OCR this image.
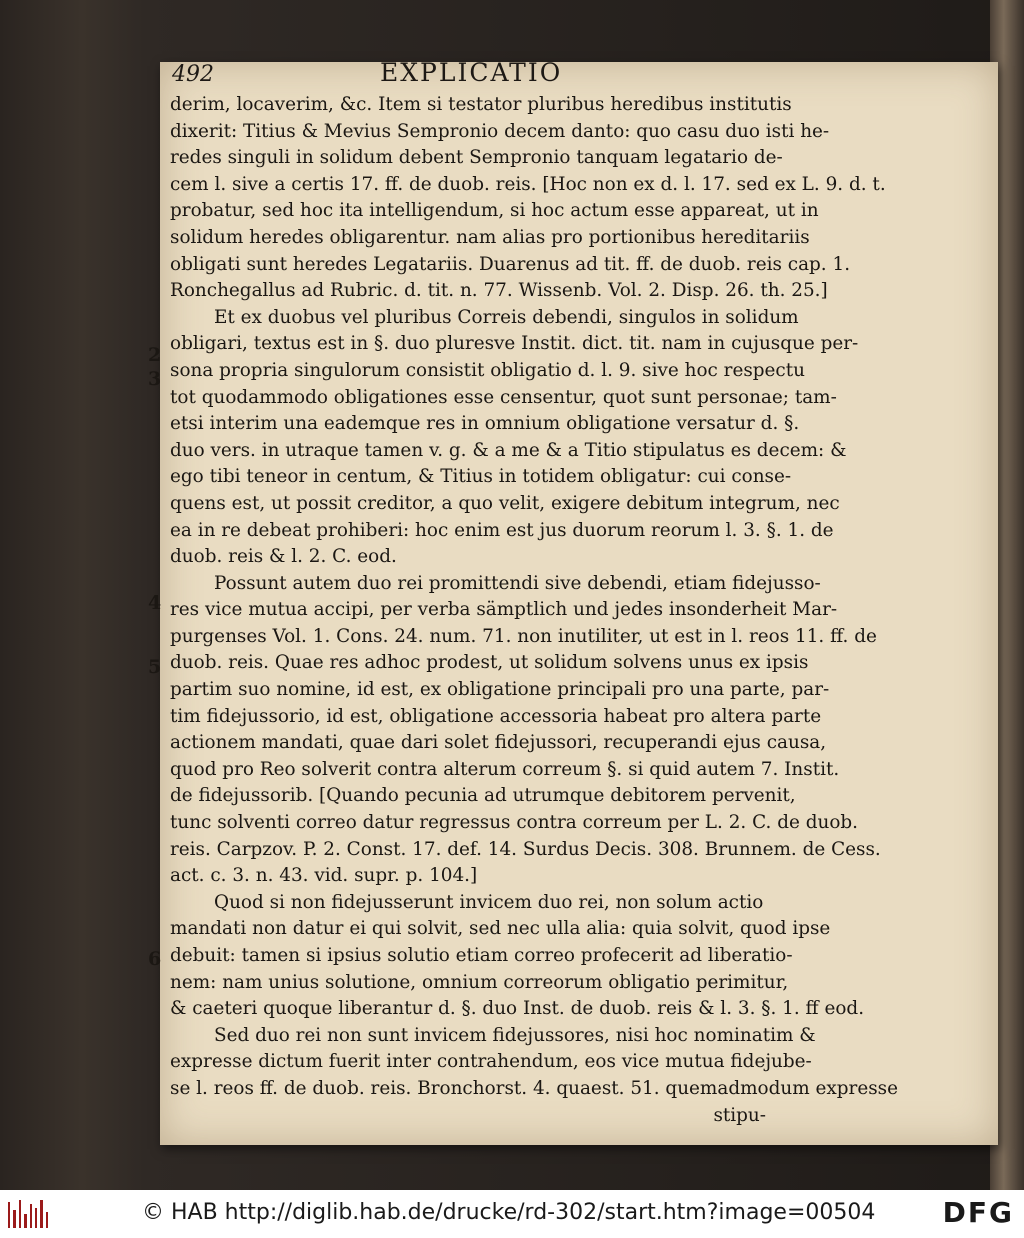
492	EXPLICATIO
2
3
4
5
6
derim, locaverim, &c. Item si testator pluribus heredibus institutis
dixerit: Titius & Mevius Sempronio decem danto: quo casu duo isti he-
redes singuli in solidum debent Sempronio tanquam legatario de-
cem l. sive a certis 17. ff. de duob. reis. [Hoc non ex d. l. 17. sed ex L. 9. d. t.
probatur, sed hoc ita intelligendum, si hoc actum esse appareat, ut in
solidum heredes obligarentur. nam alias pro portionibus hereditariis
obligati sunt heredes Legatariis. Duarenus ad tit. ff. de duob. reis cap. 1.
Ronchegallus ad Rubric. d. tit. n. 77. Wissenb. Vol. 2. Disp. 26. th. 25.]
Et ex duobus vel pluribus Correis debendi, singulos in solidum
obligari, textus est in §. duo pluresve Instit. dict. tit. nam in cujusque per-
sona propria singulorum consistit obligatio d. l. 9. sive hoc respectu
tot quodammodo obligationes esse censentur, quot sunt personae; tam-
etsi interim una eademque res in omnium obligatione versatur d. §.
duo vers. in utraque tamen v. g. & a me & a Titio stipulatus es decem: &
ego tibi teneor in centum, & Titius in totidem obligatur: cui conse-
quens est, ut possit creditor, a quo velit, exigere debitum integrum, nec
ea in re debeat prohiberi: hoc enim est jus duorum reorum l. 3. §. 1. de
duob. reis & l. 2. C. eod.
Possunt autem duo rei promittendi sive debendi, etiam fidejusso-
res vice mutua accipi, per verba sämptlich und jedes insonderheit Mar-
purgenses Vol. 1. Cons. 24. num. 71. non inutiliter, ut est in l. reos 11. ff. de
duob. reis. Quae res adhoc prodest, ut solidum solvens unus ex ipsis
partim suo nomine, id est, ex obligatione principali pro una parte, par-
tim fidejussorio, id est, obligatione accessoria habeat pro altera parte
actionem mandati, quae dari solet fidejussori, recuperandi ejus causa,
quod pro Reo solverit contra alterum correum §. si quid autem 7. Instit.
de fidejussorib. [Quando pecunia ad utrumque debitorem pervenit,
tunc solventi correo datur regressus contra correum per L. 2. C. de duob.
reis. Carpzov. P. 2. Const. 17. def. 14. Surdus Decis. 308. Brunnem. de Cess.
act. c. 3. n. 43. vid. supr. p. 104.]
Quod si non fidejusserunt invicem duo rei, non solum actio
mandati non datur ei qui solvit, sed nec ulla alia: quia solvit, quod ipse
debuit: tamen si ipsius solutio etiam correo profecerit ad liberatio-
nem: nam unius solutione, omnium correorum obligatio perimitur,
& caeteri quoque liberantur d. §. duo Inst. de duob. reis & l. 3. §. 1. ff eod.
Sed duo rei non sunt invicem fidejussores, nisi hoc nominatim &
expresse dictum fuerit inter contrahendum, eos vice mutua fidejube-
se l. reos ff. de duob. reis. Bronchorst. 4. quaest. 51. quemadmodum expresse
stipu-
© HAB http://diglib.hab.de/drucke/rd-302/start.htm?image=00504 DFG
